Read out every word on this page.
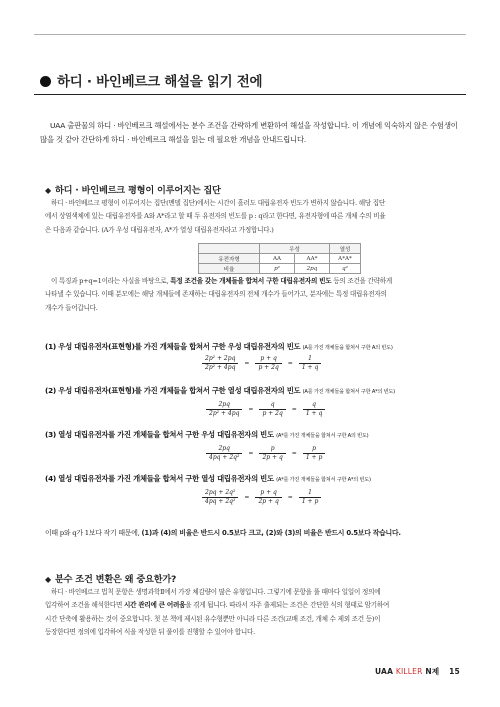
하디 · 바인베르크 해설을 읽기 전에
UAA 출판물의 하디 · 바인베르크 해설에서는 분수 조건을 간략하게 변환하여 해설을 작성합니다. 이 개념에 익숙하지 않은 수험생이
많을 것 같아 간단하게 하디 · 바인베르크 해설을 읽는 데 필요한 개념을 안내드립니다.
◆ 하디 · 바인베르크 평형이 이루어지는 집단
하디 · 바인베르크 평형이 이루어지는 집단(멘델 집단)에서는 시간이 흘러도 대립유전자 빈도가 변하지 않습니다. 해당 집단
에서 상염색체에 있는 대립유전자를 A와 A*라고 할 때 두 유전자의 빈도를 p : q라고 한다면, 유전자형에 따른 개체 수의 비율
은 다음과 같습니다. (A가 우성 대립유전자, A*가 열성 대립유전자라고 가정합니다.)
	우성		열성
유전자형	AA	AA*	A*A*
비율	p²	2pq	q²
이 특징과 p+q=1이라는 사실을 바탕으로, 특정 조건을 갖는 개체들을 합쳐서 구한 대립유전자의 빈도 등의 조건을 간략하게
나타낼 수 있습니다. 이때 분모에는 해당 개체들에 존재하는 대립유전자의 전체 개수가 들어가고, 분자에는 특정 대립유전자의
개수가 들어갑니다.
(1) 우성 대립유전자(표현형)를 가진 개체들을 합쳐서 구한 우성 대립유전자의 빈도 (A를 가진 개체들을 합쳐서 구한 A의 빈도)
$\frac{\text{2p² + 2pq}}{\text{2p² + 4pq}} = \frac{p + q}{p + 2q} = \frac{1}{1 + q}$
(2) 우성 대립유전자(표현형)를 가진 개체들을 합쳐서 구한 열성 대립유전자의 빈도 (A를 가진 개체들을 합쳐서 구한 A*의 빈도)
$\frac{2pq}{\text{2p² + 4pq}} = \frac{q}{p + 2q} = \frac{q}{1 + q}$
(3) 열성 대립유전자를 가진 개체들을 합쳐서 구한 우성 대립유전자의 빈도 (A*를 가진 개체들을 합쳐서 구한 A의 빈도)
$\frac{2pq}{\text{4pq + 2q²}} = \frac{p}{2p + q} = \frac{p}{1 + p}$
(4) 열성 대립유전자를 가진 개체들을 합쳐서 구한 열성 대립유전자의 빈도 (A*를 가진 개체들을 합쳐서 구한 A*의 빈도)
$\frac{\text{2pq + 2q²}}{\text{4pq + 2q²}} = \frac{p + q}{2p + q} = \frac{1}{1 + p}$
이때 p와 q가 1보다 작기 때문에, (1)과 (4)의 비율은 반드시 0.5보다 크고, (2)와 (3)의 비율은 반드시 0.5보다 작습니다.
◆ 분수 조건 변환은 왜 중요한가?
하디 · 바인베르크 법칙 문항은 생명과학Ⅱ에서 가장 체감량이 많은 유형입니다. 그렇기에 문항을 풀 때마다 일일이 정의에
입각하여 조건을 해석한다면 시간 관리에 큰 어려움을 겪게 됩니다. 따라서 자주 출제되는 조건은 간단한 식의 형태로 암기하여
시간 단축에 활용하는 것이 중요합니다. 첫 본 책에 제시된 유수형뿐만 아니라 다른 조건(교배 조건, 개체 수 제외 조건 등)이
등장한다면 정의에 입각하여 식을 작성한 뒤 풀이를 진행할 수 있어야 합니다.
UAA KILLER N제 15
